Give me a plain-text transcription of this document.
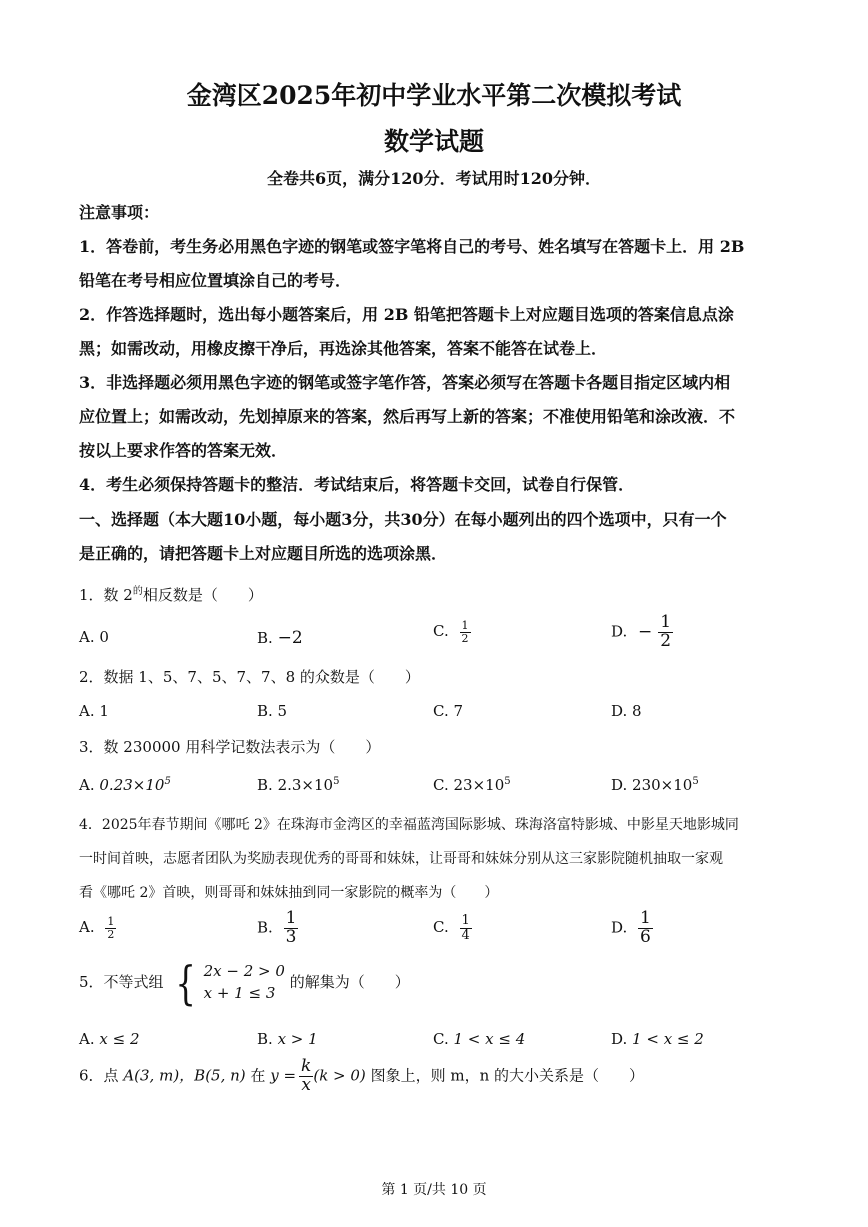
金湾区2025年初中学业水平第二次模拟考试
数学试题
全卷共6页，满分120分．考试用时120分钟．
注意事项：
1．答卷前，考生务必用黑色字迹的钢笔或签字笔将自己的考号、姓名填写在答题卡上．用 2B
铅笔在考号相应位置填涂自己的考号．
2．作答选择题时，选出每小题答案后，用 2B 铅笔把答题卡上对应题目选项的答案信息点涂
黑；如需改动，用橡皮擦干净后，再选涂其他答案，答案不能答在试卷上．
3．非选择题必须用黑色字迹的钢笔或签字笔作答，答案必须写在答题卡各题目指定区域内相
应位置上；如需改动，先划掉原来的答案，然后再写上新的答案；不准使用铅笔和涂改液．不
按以上要求作答的答案无效．
4．考生必须保持答题卡的整洁．考试结束后，将答题卡交回，试卷自行保管．
一、选择题（本大题10小题，每小题3分，共30分）在每小题列出的四个选项中，只有一个
是正确的，请把答题卡上对应题目所选的选项涂黑．
1．数 $2^的$相反数是（　　）
A. 0	B. −2	C. $\frac{1}{2}$	D. − $\frac{1}{2}$
2．数据 1、5、7、5、7、7、8 的众数是（　　）
A. 1	B. 5	C. 7	D. 8
3．数 230000 用科学记数法表示为（　　）
A. $0.23\times 10^5$	B. $2.3\times 10^5$	C. $23\times 10^5$	D. $230\times 10^5$
4．2025年春节期间《哪吒 2》在珠海市金湾区的幸福蓝湾国际影城、珠海洛富特影城、中影星天地影城同
一时间首映，志愿者团队为奖励表现优秀的哥哥和妹妹，让哥哥和妹妹分别从这三家影院随机抽取一家观
看《哪吒 2》首映，则哥哥和妹妹抽到同一家影院的概率为（　　）
A. $\frac{1}{2}$	B. $\frac{1}{3}$	C. $\frac{1}{4}$	D. $\frac{1}{6}$
5．不等式组 { 2x − 2 > 0
x + 1 ≤ 3
的解集为（　　）
A. x ≤ 2	B. x > 1	C. 1 < x ≤ 4	D. 1 < x ≤ 2
6．点 A(3, m)，B(5, n) 在 $y = \frac{k}{x} (k > 0)$ 图象上，则 m，n 的大小关系是（　　）
第 1 页/共 10 页
